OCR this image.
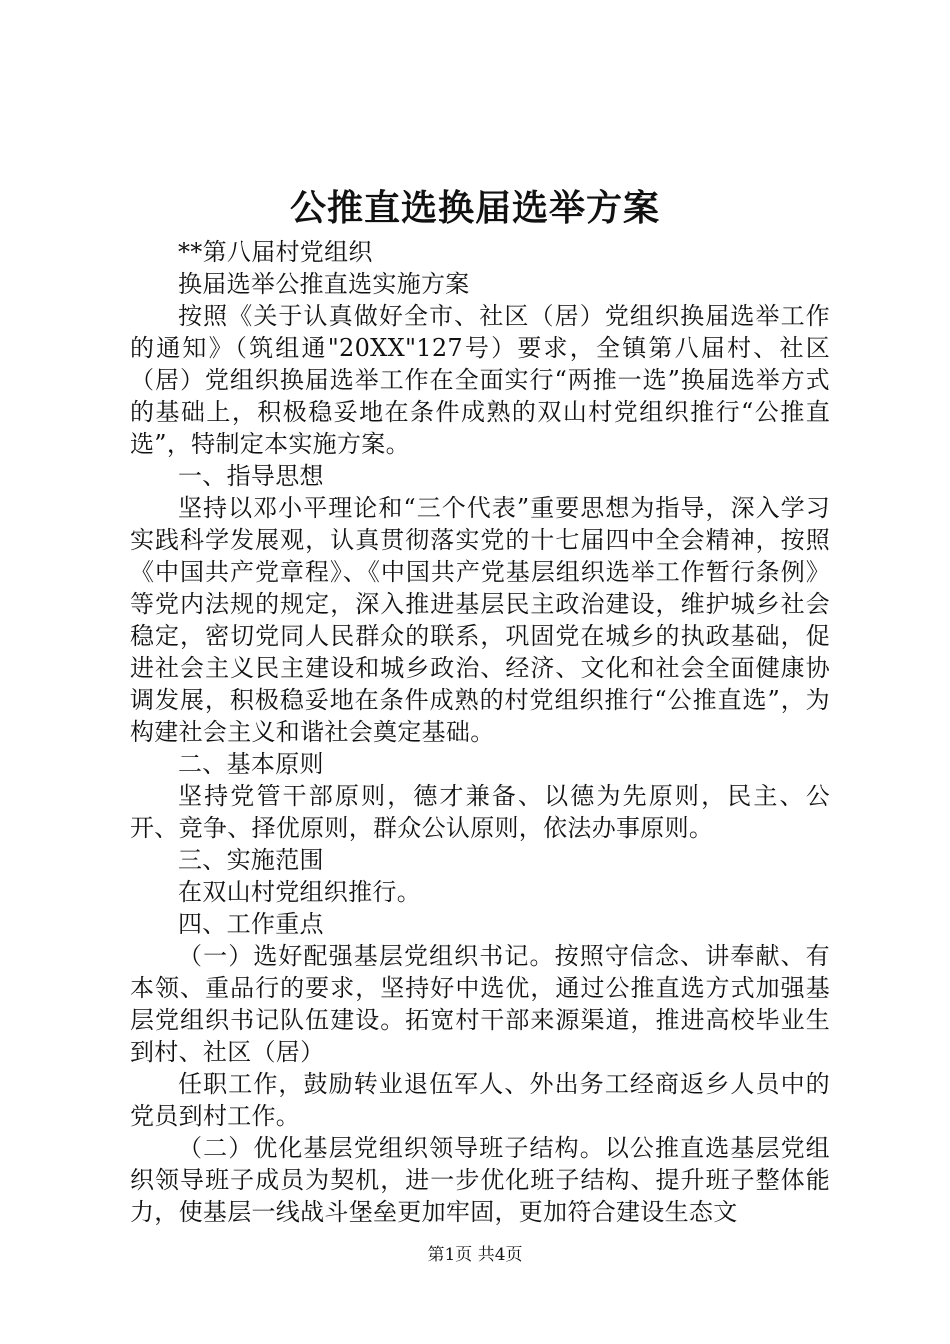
公推直选换届选举方案

**第八届村党组织

换届选举公推直选实施方案

按照《关于认真做好全市、社区（居）党组织换届选举工作的通知》（筑组通"20XX"127号）要求，全镇第八届村、社区（居）党组织换届选举工作在全面实行“两推一选”换届选举方式的基础上，积极稳妥地在条件成熟的双山村党组织推行“公推直选”，特制定本实施方案。

一、指导思想

坚持以邓小平理论和“三个代表”重要思想为指导，深入学习实践科学发展观，认真贯彻落实党的十七届四中全会精神，按照《中国共产党章程》、《中国共产党基层组织选举工作暂行条例》等党内法规的规定，深入推进基层民主政治建设，维护城乡社会稳定，密切党同人民群众的联系，巩固党在城乡的执政基础，促进社会主义民主建设和城乡政治、经济、文化和社会全面健康协调发展，积极稳妥地在条件成熟的村党组织推行“公推直选”，为构建社会主义和谐社会奠定基础。

二、基本原则

坚持党管干部原则，德才兼备、以德为先原则，民主、公开、竞争、择优原则，群众公认原则，依法办事原则。

三、实施范围

在双山村党组织推行。

四、工作重点

（一）选好配强基层党组织书记。按照守信念、讲奉献、有本领、重品行的要求，坚持好中选优，通过公推直选方式加强基层党组织书记队伍建设。拓宽村干部来源渠道，推进高校毕业生到村、社区（居）

任职工作，鼓励转业退伍军人、外出务工经商返乡人员中的党员到村工作。

（二）优化基层党组织领导班子结构。以公推直选基层党组织领导班子成员为契机，进一步优化班子结构、提升班子整体能力，使基层一线战斗堡垒更加牢固，更加符合建设生态文

第1页 共4页
